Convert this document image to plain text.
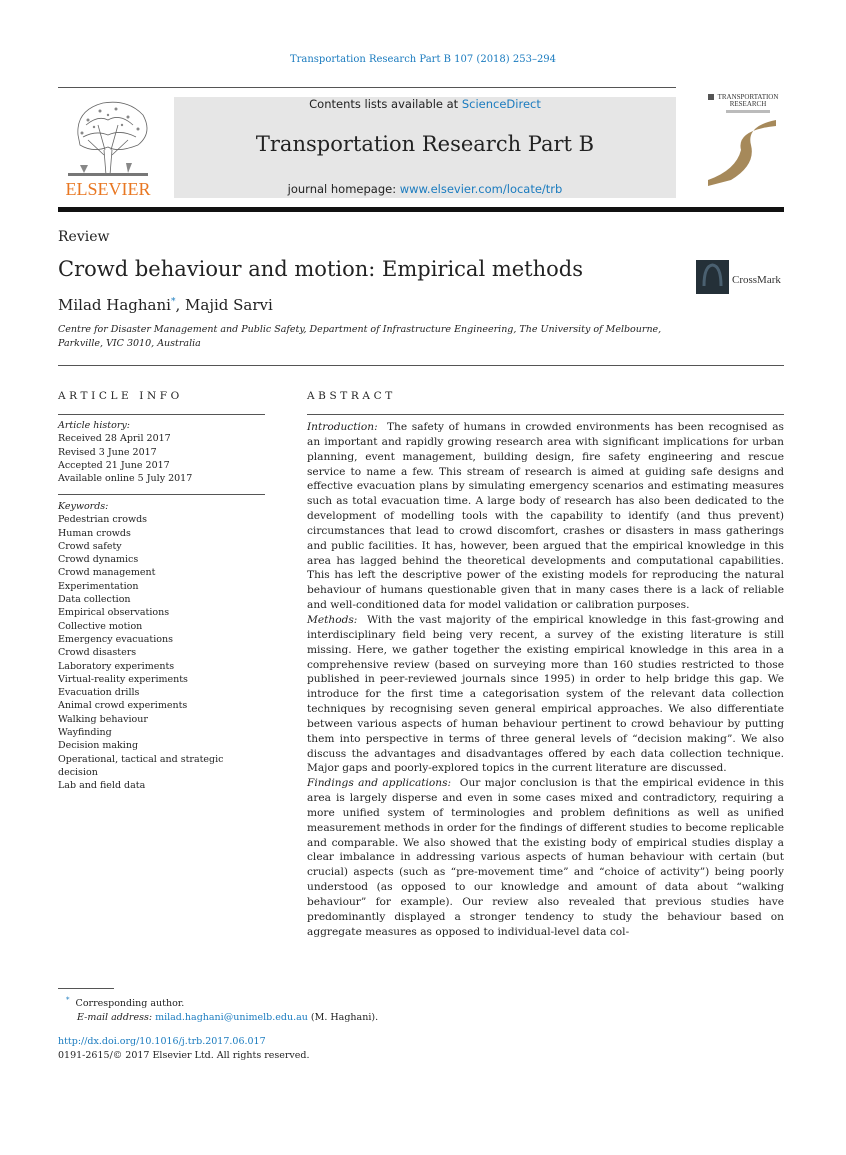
Transportation Research Part B 107 (2018) 253–294
ELSEVIER
Contents lists available at ScienceDirect
Transportation Research Part B
journal homepage: www.elsevier.com/locate/trb
TRANSPORTATION
RESEARCH
Review
Crowd behaviour and motion: Empirical methods	CrossMark
Milad Haghani*, Majid Sarvi
Centre for Disaster Management and Public Safety, Department of Infrastructure Engineering, The University of Melbourne, Parkville, VIC 3010, Australia
ARTICLE INFO
Article history:
Received 28 April 2017
Revised 3 June 2017
Accepted 21 June 2017
Available online 5 July 2017
Keywords:
Pedestrian crowds
Human crowds
Crowd safety
Crowd dynamics
Crowd management
Experimentation
Data collection
Empirical observations
Collective motion
Emergency evacuations
Crowd disasters
Laboratory experiments
Virtual-reality experiments
Evacuation drills
Animal crowd experiments
Walking behaviour
Wayfinding
Decision making
Operational, tactical and strategic decision
Lab and field data
ABSTRACT

Introduction: The safety of humans in crowded environments has been recognised as an important and rapidly growing research area with significant implications for urban planning, event management, building design, fire safety engineering and rescue service to name a few. This stream of research is aimed at guiding safe designs and effective evacuation plans by simulating emergency scenarios and estimating measures such as total evacuation time. A large body of research has also been dedicated to the development of modelling tools with the capability to identify (and thus prevent) circumstances that lead to crowd discomfort, crashes or disasters in mass gatherings and public facilities. It has, however, been argued that the empirical knowledge in this area has lagged behind the theoretical developments and computational capabilities. This has left the descriptive power of the existing models for reproducing the natural behaviour of humans questionable given that in many cases there is a lack of reliable and well-conditioned data for model validation or calibration purposes.

Methods: With the vast majority of the empirical knowledge in this fast-growing and interdisciplinary field being very recent, a survey of the existing literature is still missing. Here, we gather together the existing empirical knowledge in this area in a comprehensive review (based on surveying more than 160 studies restricted to those published in peer-reviewed journals since 1995) in order to help bridge this gap. We introduce for the first time a categorisation system of the relevant data collection techniques by recognising seven general empirical approaches. We also differentiate between various aspects of human behaviour pertinent to crowd behaviour by putting them into perspective in terms of three general levels of “decision making”. We also discuss the advantages and disadvantages offered by each data collection technique. Major gaps and poorly-explored topics in the current literature are discussed.

Findings and applications: Our major conclusion is that the empirical evidence in this area is largely disperse and even in some cases mixed and contradictory, requiring a more unified system of terminologies and problem definitions as well as unified measurement methods in order for the findings of different studies to become replicable and comparable. We also showed that the existing body of empirical studies display a clear imbalance in addressing various aspects of human behaviour with certain (but crucial) aspects (such as “pre-movement time” and “choice of activity”) being poorly understood (as opposed to our knowledge and amount of data about “walking behaviour” for example). Our review also revealed that previous studies have predominantly displayed a stronger tendency to study the behaviour based on aggregate measures as opposed to individual-level data col-

* Corresponding author.
E-mail address: milad.haghani@unimelb.edu.au (M. Haghani).
http://dx.doi.org/10.1016/j.trb.2017.06.017
0191-2615/© 2017 Elsevier Ltd. All rights reserved.
